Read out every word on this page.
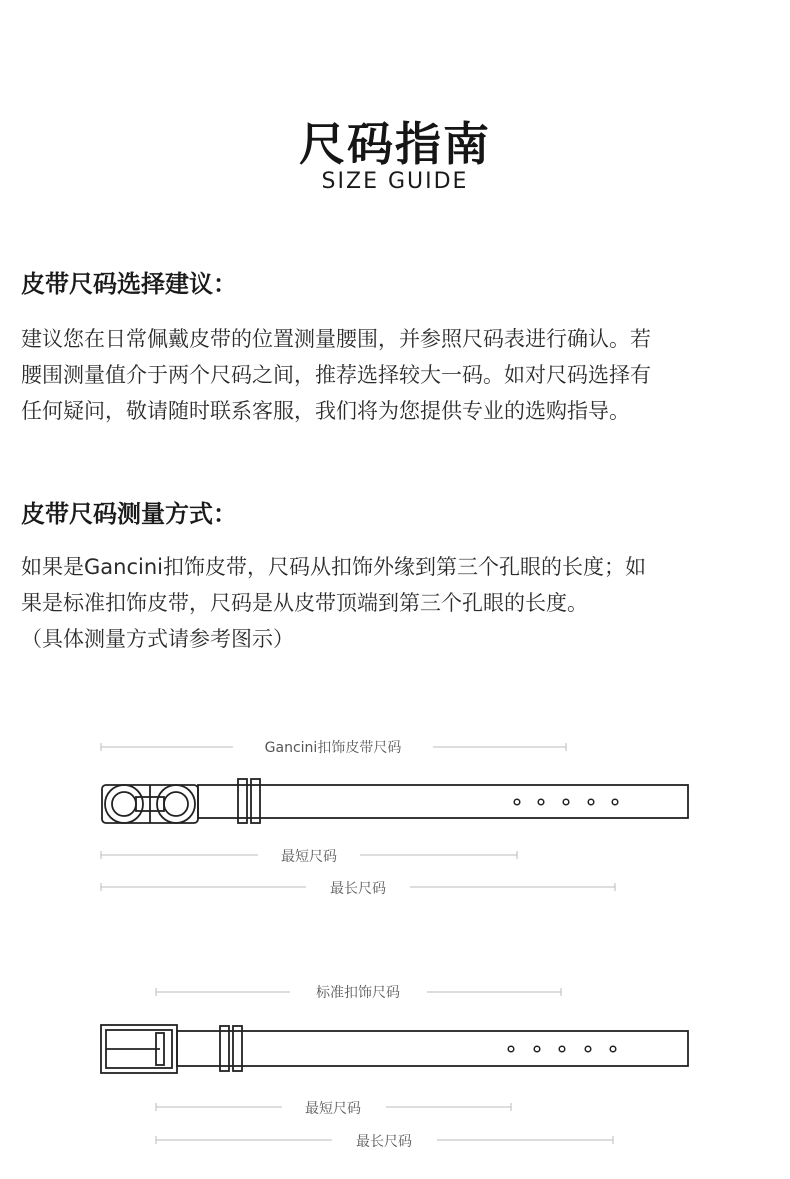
尺码指南
SIZE GUIDE
皮带尺码选择建议：
建议您在日常佩戴皮带的位置测量腰围，并参照尺码表进行确认。若
腰围测量值介于两个尺码之间，推荐选择较大一码。如对尺码选择有
任何疑问，敬请随时联系客服，我们将为您提供专业的选购指导。
皮带尺码测量方式：
如果是Gancini扣饰皮带，尺码从扣饰外缘到第三个孔眼的长度；如
果是标准扣饰皮带，尺码是从皮带顶端到第三个孔眼的长度。
（具体测量方式请参考图示）
Gancini扣饰皮带尺码
最短尺码
最长尺码
标准扣饰尺码
最短尺码
最长尺码
